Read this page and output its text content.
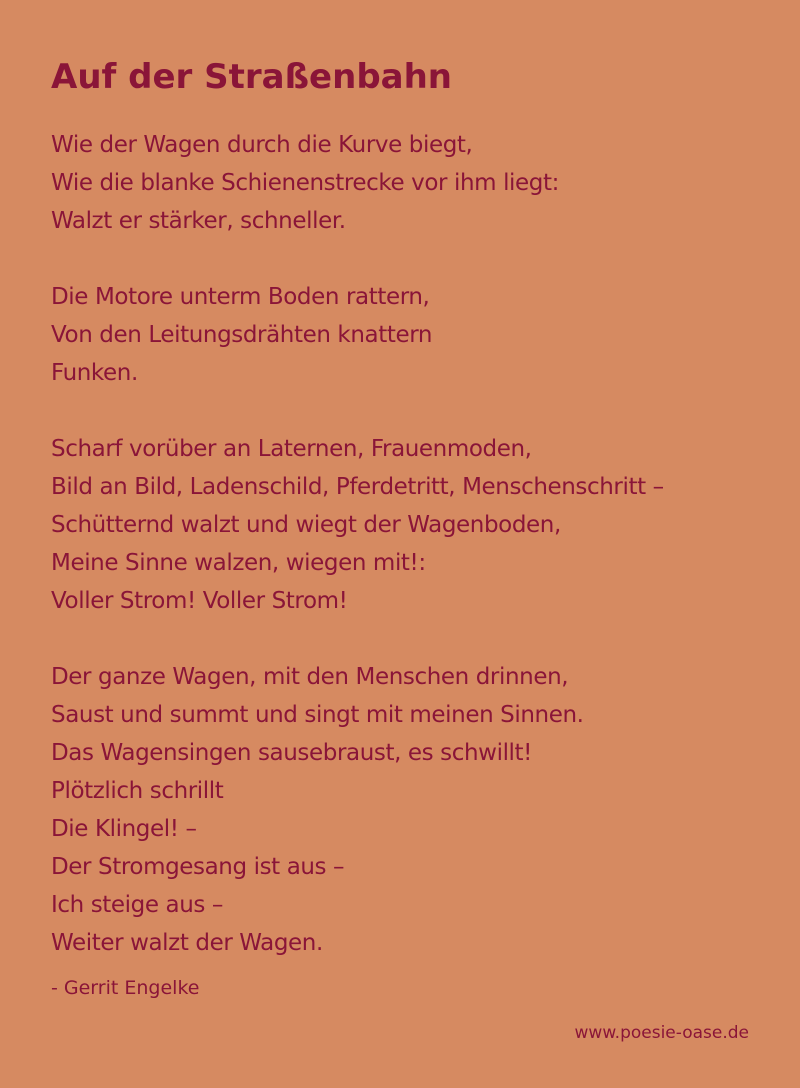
Auf der Straßenbahn

Wie der Wagen durch die Kurve biegt,
Wie die blanke Schienenstrecke vor ihm liegt:
Walzt er stärker, schneller.

Die Motore unterm Boden rattern,
Von den Leitungsdrähten knattern
Funken.

Scharf vorüber an Laternen, Frauenmoden,
Bild an Bild, Ladenschild, Pferdetritt, Menschenschritt –
Schütternd walzt und wiegt der Wagenboden,
Meine Sinne walzen, wiegen mit!:
Voller Strom! Voller Strom!

Der ganze Wagen, mit den Menschen drinnen,
Saust und summt und singt mit meinen Sinnen.
Das Wagensingen sausebraust, es schwillt!
Plötzlich schrillt
Die Klingel! –
Der Stromgesang ist aus –
Ich steige aus –
Weiter walzt der Wagen.

- Gerrit Engelke
www.poesie-oase.de
